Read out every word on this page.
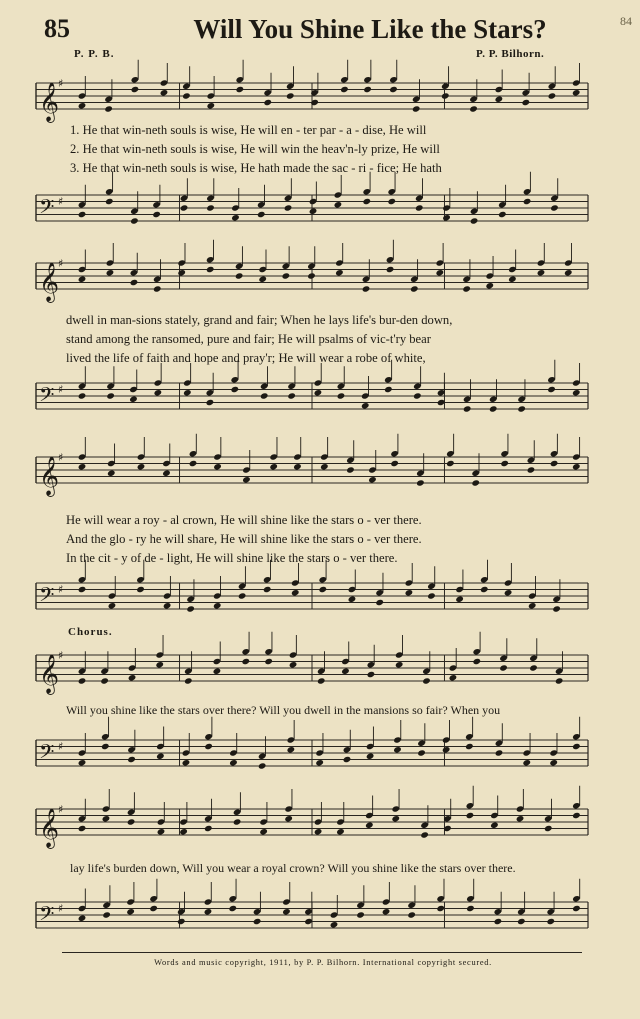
85	Will You Shine Like the Stars?	84
P. P. B.	P. P. Bilhorn.
𝄞
♯
1. He that win-neth souls is wise, He will en - ter par - a - dise, He will
2. He that win-neth souls is wise, He will win the heav'n-ly prize, He will
3. He that win-neth souls is wise, He hath made the sac - ri - fice; He hath
𝄢 ♯
𝄞
♯
dwell in man-sions stately, grand and fair; When he lays life's bur-den down,
stand among the ransomed, pure and fair; He will psalms of vic-t'ry bear
lived the life of faith and hope and pray'r; He will wear a robe of white,
𝄢 ♯
𝄞
♯
He will wear a roy - al crown, He will shine like the stars o - ver there.
And the glo - ry he will share, He will shine like the stars o - ver there.
In the cit - y of de - light, He will shine like the stars o - ver there.
𝄢 ♯
Chorus.
𝄞
♯
Will you shine like the stars over there? Will you dwell in the mansions so fair? When you
𝄢 ♯
𝄞
♯
lay life's burden down, Will you wear a royal crown? Will you shine like the stars over there.
𝄢 ♯
Words and music copyright, 1911, by P. P. Bilhorn. International copyright secured.
